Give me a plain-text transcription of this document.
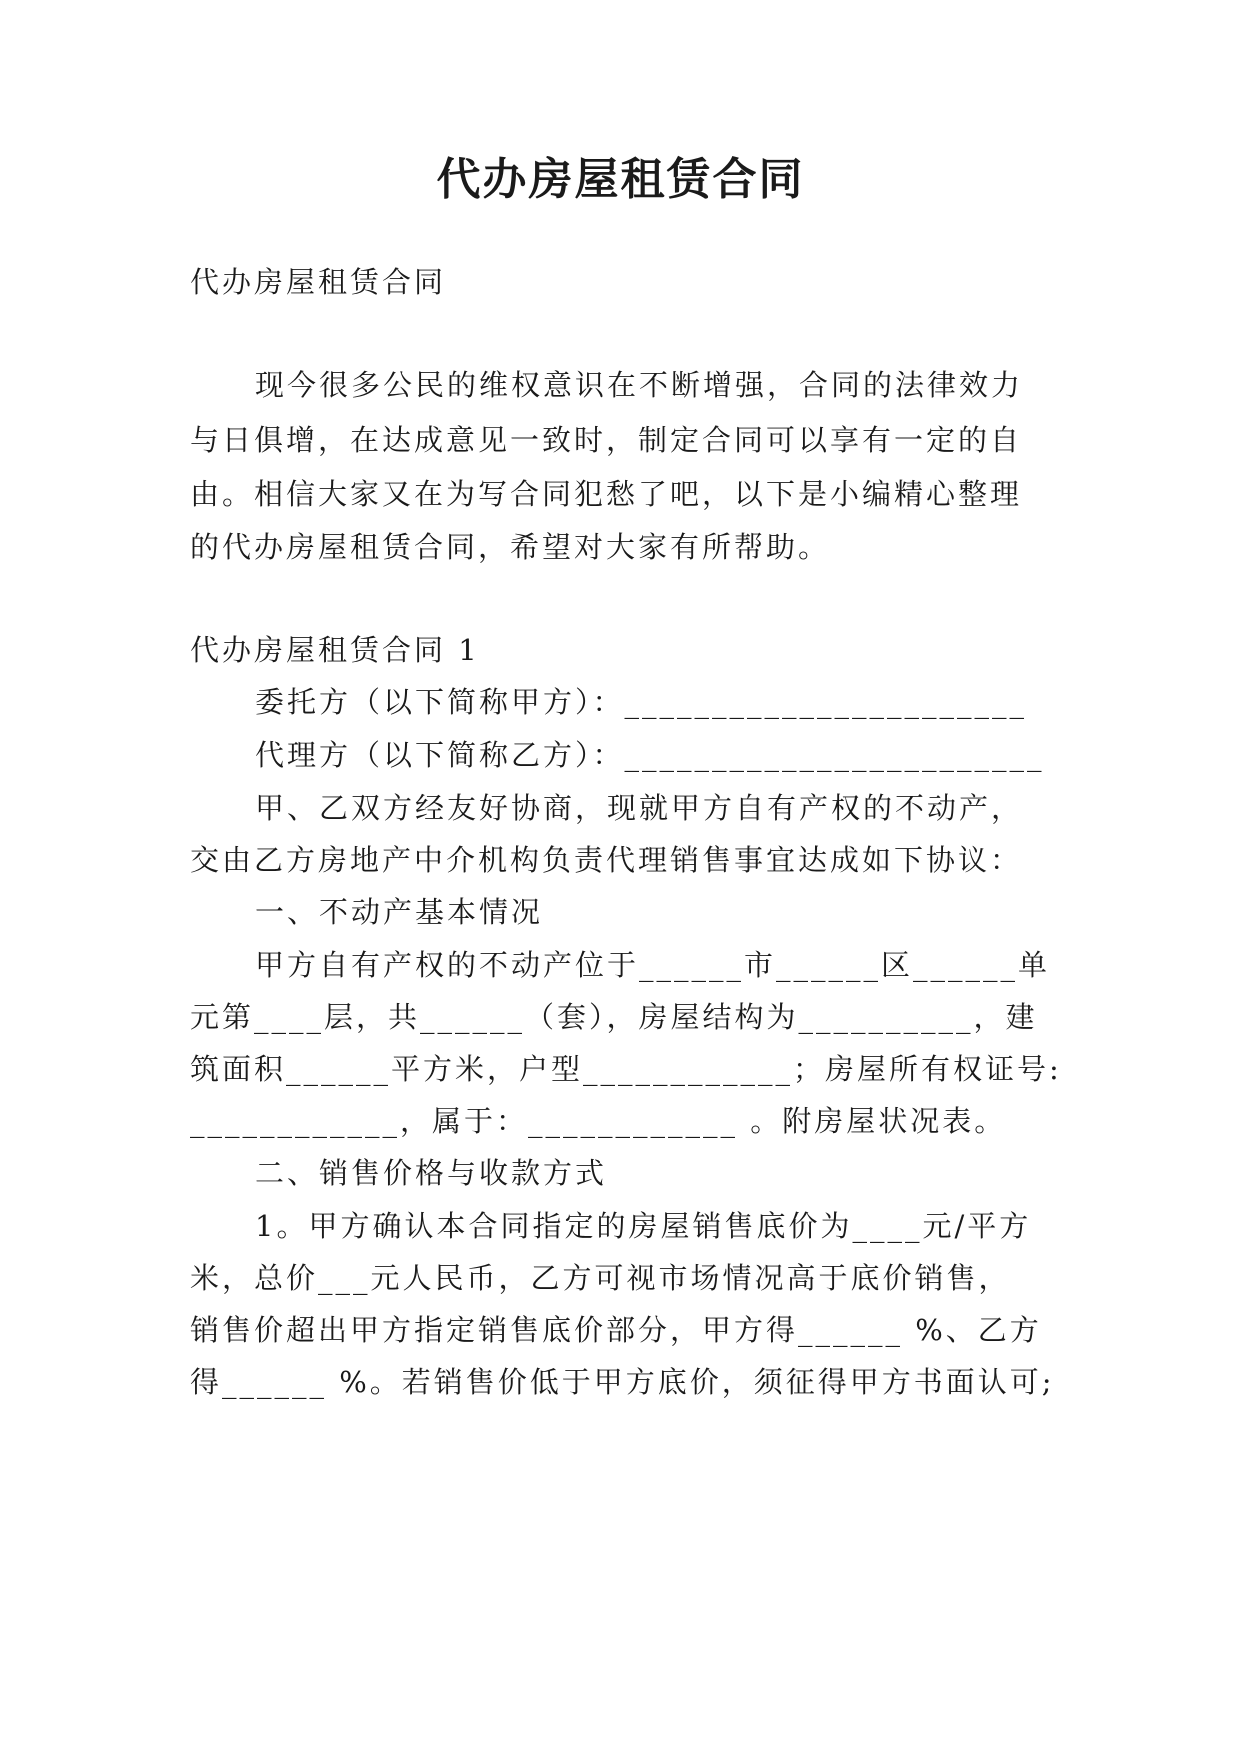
代办房屋租赁合同
代办房屋租赁合同
现今很多公民的维权意识在不断增强，合同的法律效力
与日俱增，在达成意见一致时，制定合同可以享有一定的自
由。相信大家又在为写合同犯愁了吧，以下是小编精心整理
的代办房屋租赁合同，希望对大家有所帮助。
代办房屋租赁合同 1
委托方（以下简称甲方）：_______________________
代理方（以下简称乙方）：________________________
甲、乙双方经友好协商，现就甲方自有产权的不动产，
交由乙方房地产中介机构负责代理销售事宜达成如下协议：
一、不动产基本情况
甲方自有产权的不动产位于______市______区______单
元第____层，共______（套），房屋结构为__________，建
筑面积______平方米，户型____________；房屋所有权证号:
____________，属于：____________ 。附房屋状况表。
二、销售价格与收款方式
1。甲方确认本合同指定的房屋销售底价为____元/平方
米，总价___元人民币，乙方可视市场情况高于底价销售，
销售价超出甲方指定销售底价部分，甲方得______ %、乙方
得______ %。若销售价低于甲方底价，须征得甲方书面认可;
